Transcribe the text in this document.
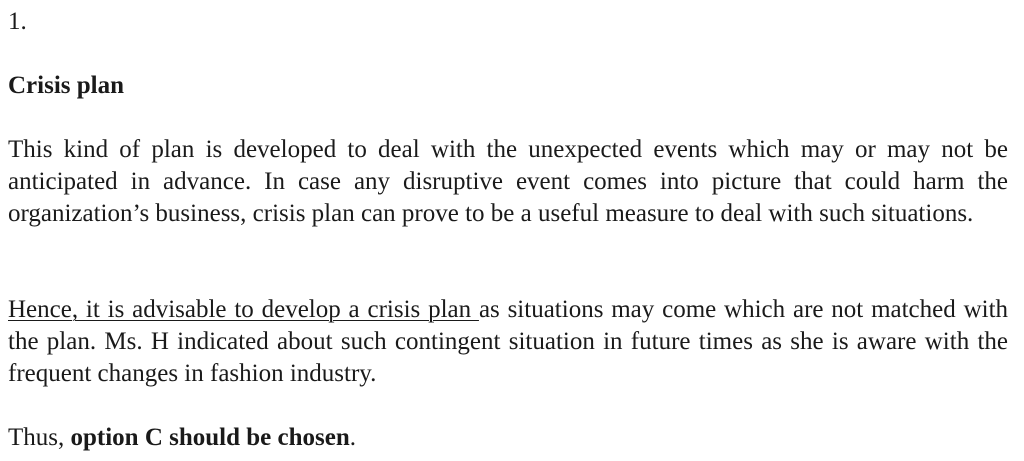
1.
Crisis plan
This kind of plan is developed to deal with the unexpected events which may or may not be anticipated in advance. In case any disruptive event comes into picture that could harm the organization’s business, crisis plan can prove to be a useful measure to deal with such situations.
Hence, it is advisable to develop a crisis plan as situations may come which are not matched with the plan. Ms. H indicated about such contingent situation in future times as she is aware with the frequent changes in fashion industry.
Thus, option C should be chosen.
